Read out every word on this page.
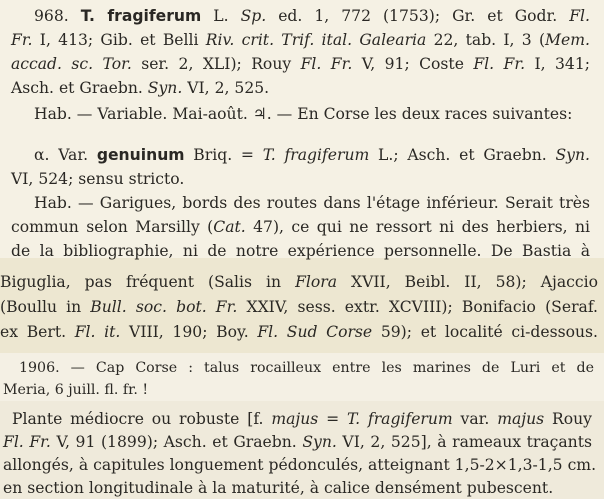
968. T. fragiferum L. Sp. ed. 1, 772 (1753); Gr. et Godr. Fl.
Fr. I, 413; Gib. et Belli Riv. crit. Trif. ital. Galearia 22, tab. I, 3 (Mem.
accad. sc. Tor. ser. 2, XLI); Rouy Fl. Fr. V, 91; Coste Fl. Fr. I, 341;
Asch. et Graebn. Syn. VI, 2, 525.
Hab. — Variable. Mai-août. ♃. — En Corse les deux races suivantes:
α. Var. genuinum Briq. = T. fragiferum L.; Asch. et Graebn. Syn.
VI, 524; sensu stricto.
Hab. — Garigues, bords des routes dans l'étage inférieur. Serait très
commun selon Marsilly (Cat. 47), ce qui ne ressort ni des herbiers, ni
de la bibliographie, ni de notre expérience personnelle. De Bastia à
Biguglia, pas fréquent (Salis in Flora XVII, Beibl. II, 58); Ajaccio
(Boullu in Bull. soc. bot. Fr. XXIV, sess. extr. XCVIII); Bonifacio (Seraf.
ex Bert. Fl. it. VIII, 190; Boy. Fl. Sud Corse 59); et localité ci-dessous.
1906. — Cap Corse : talus rocailleux entre les marines de Luri et de
Meria, 6 juill. fl. fr. !
Plante médiocre ou robuste [f. majus = T. fragiferum var. majus Rouy
Fl. Fr. V, 91 (1899); Asch. et Graebn. Syn. VI, 2, 525], à rameaux traçants
allongés, à capitules longuement pédonculés, atteignant 1,5-2×1,3-1,5 cm.
en section longitudinale à la maturité, à calice densément pubescent.
